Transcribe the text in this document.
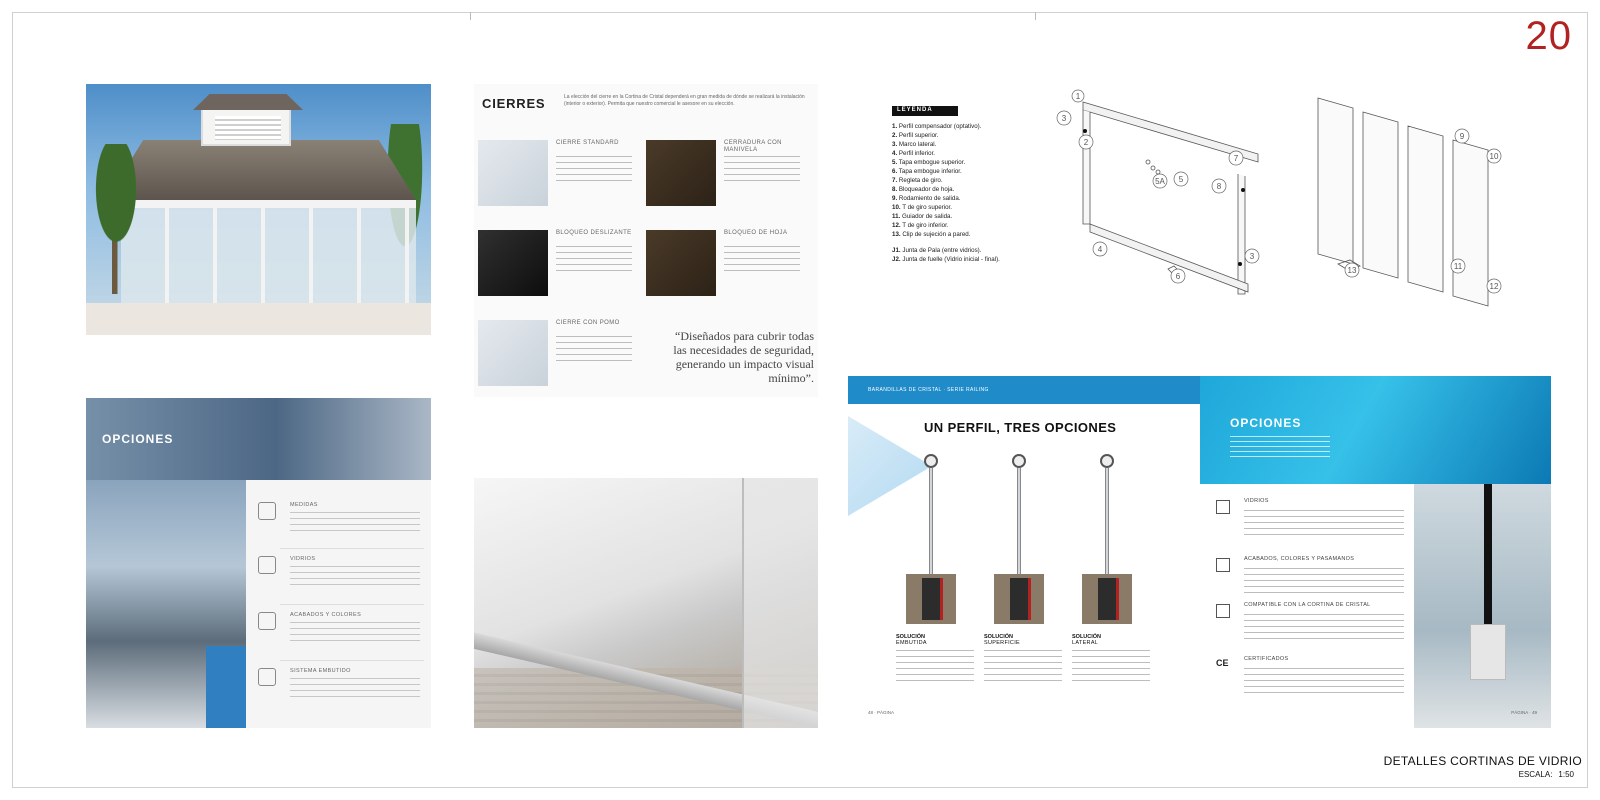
20
CIERRES	La elección del cierre en la Cortina de Cristal dependerá en gran medida de dónde se realizará la instalación (interior o exterior). Permita que nuestro comercial le asesore en su elección.
CIERRE STANDARD	CERRADURA CON MANIVELA
BLOQUEO DESLIZANTE	BLOQUEO DE HOJA
CIERRE CON POMO
“Diseñados para cubrir todas las necesidades de seguridad, generando un impacto visual mínimo”.
LEYENDA
1. Perfil compensador (optativo).
2. Perfil superior.
3. Marco lateral.
4. Perfil inferior.
5. Tapa embogue superior.
6. Tapa embogue inferior.
7. Regleta de giro.
8. Bloqueador de hoja.
9. Rodamiento de salida.
10. T de giro superior.
11. Guiador de salida.
12. T de giro inferior.
13. Clip de sujeción a pared.
J1. Junta de Pala (entre vidrios).
J2. Junta de fuelle (Vidrio inicial - final).
3
2
1
4
5
5A
6
7
8
3
9
10
11
12
13
OPCIONES
MEDIDAS
VIDRIOS
ACABADOS Y COLORES
SISTEMA EMBUTIDO
BARANDILLAS DE CRISTAL · SERIE RAILING
UN PERFIL, TRES OPCIONES
SOLUCIÓN
EMBUTIDA
SOLUCIÓN
SUPERFICIE
SOLUCIÓN
LATERAL
48 · PÁGINA
OPCIONES
VIDRIOS
ACABADOS, COLORES Y PASAMANOS
COMPATIBLE CON LA CORTINA DE CRISTAL
CE	CERTIFICADOS
PÁGINA · 49
DETALLES CORTINAS DE VIDRIO
ESCALA: 1:50
